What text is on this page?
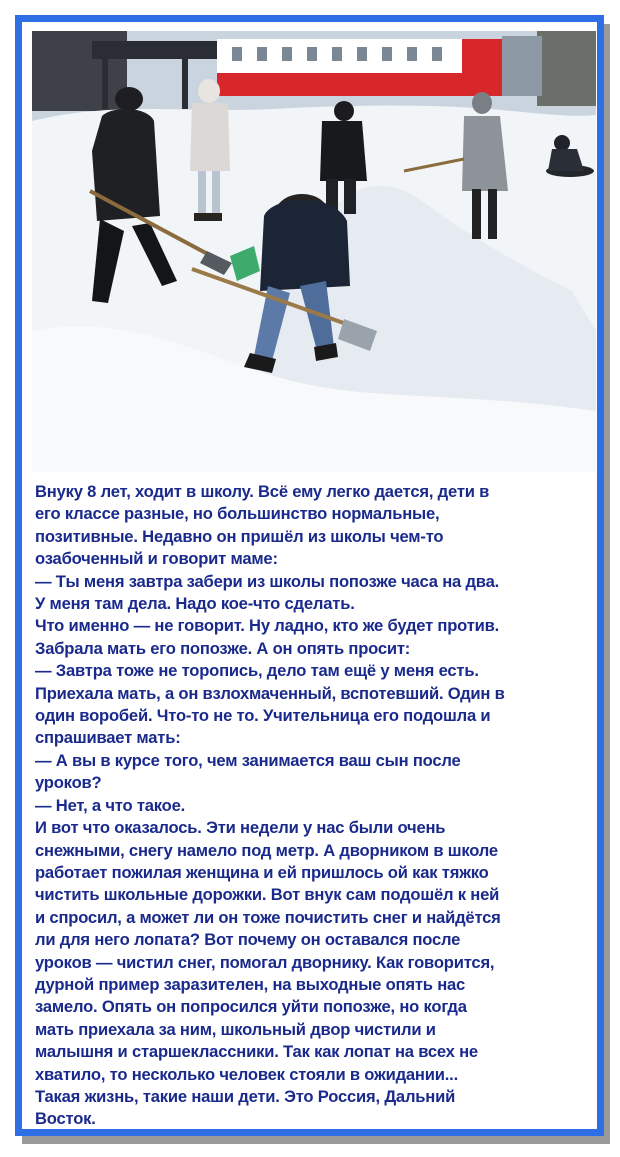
Внуку 8 лет, ходит в школу. Всё ему легко дается, дети в
его классе разные, но большинство нормальные,
позитивные. Недавно он пришёл из школы чем-то
озабоченный и говорит маме:
— Ты меня завтра забери из школы попозже часа на два.
У меня там дела. Надо кое-что сделать.
Что именно — не говорит. Ну ладно, кто же будет против.
Забрала мать его попозже. А он опять просит:
— Завтра тоже не торопись, дело там ещё у меня есть.
Приехала мать, а он взлохмаченный, вспотевший. Один в
один воробей. Что-то не то. Учительница его подошла и
спрашивает мать:
— А вы в курсе того, чем занимается ваш сын после
уроков?
— Нет, а что такое.
И вот что оказалось. Эти недели у нас были очень
снежными, снегу намело под метр. А дворником в школе
работает пожилая женщина и ей пришлось ой как тяжко
чистить школьные дорожки. Вот внук сам подошёл к ней
и спросил, а может ли он тоже почистить снег и найдётся
ли для него лопата? Вот почему он оставался после
уроков — чистил снег, помогал дворнику. Как говорится,
дурной пример заразителен, на выходные опять нас
замело. Опять он попросился уйти попозже, но когда
мать приехала за ним, школьный двор чистили и
малышня и старшеклассники. Так как лопат на всех не
хватило, то несколько человек стояли в ожидании...
Такая жизнь, такие наши дети. Это Россия, Дальний
Восток.
